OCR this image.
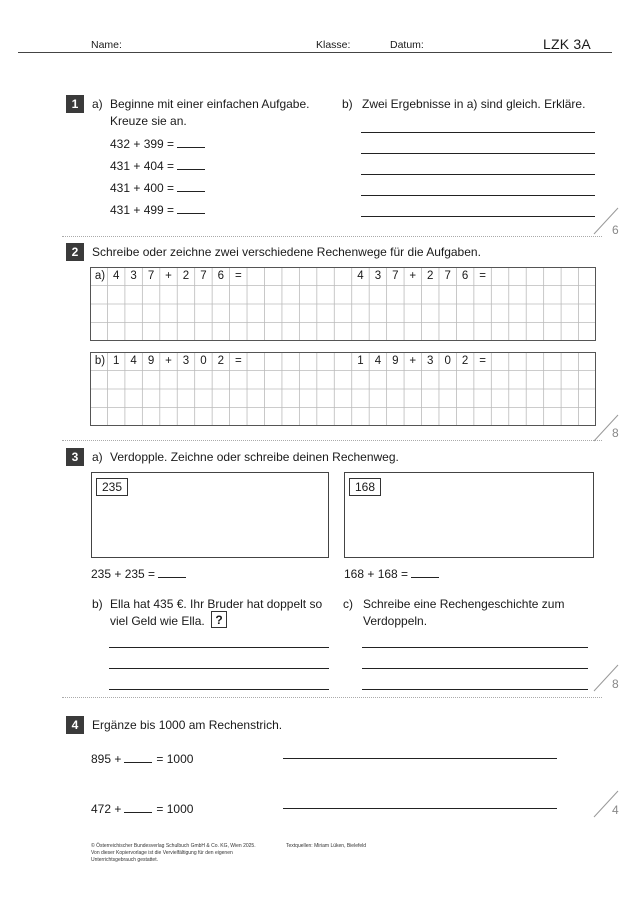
Name:	Klasse:	Datum:	LZK 3A
1	a) Beginne mit einer einfachen Aufgabe.
Kreuze sie an.
432 + 399 =
431 + 404 =
431 + 400 =
431 + 499 =
b) Zwei Ergebnisse in a) sind gleich. Erkläre.
6
2	Schreibe oder zeichne zwei verschiedene Rechenwege für die Aufgaben.
a) 4 3 7 + 2 7 6 =	4 3 7 + 2 7 6 =
b) 1 4 9 + 3 0 2 =	1 4 9 + 3 0 2 =
8
3	a) Verdopple. Zeichne oder schreibe deinen Rechenweg.
235	168
235 + 235 =	168 + 168 =
b) Ella hat 435 €. Ihr Bruder hat doppelt so
viel Geld wie Ella. ?
c) Schreibe eine Rechengeschichte zum
Verdoppeln.
8
4	Ergänze bis 1000 am Rechenstrich.
895 +	= 1000
472 +	= 1000	4
© Österreichischer Bundesverlag Schulbuch GmbH & Co. KG, Wien 2025.
Von dieser Kopiervorlage ist die Vervielfältigung für den eigenen
Unterrichtsgebrauch gestattet.
Textquellen: Miriam Lüken, Bielefeld
